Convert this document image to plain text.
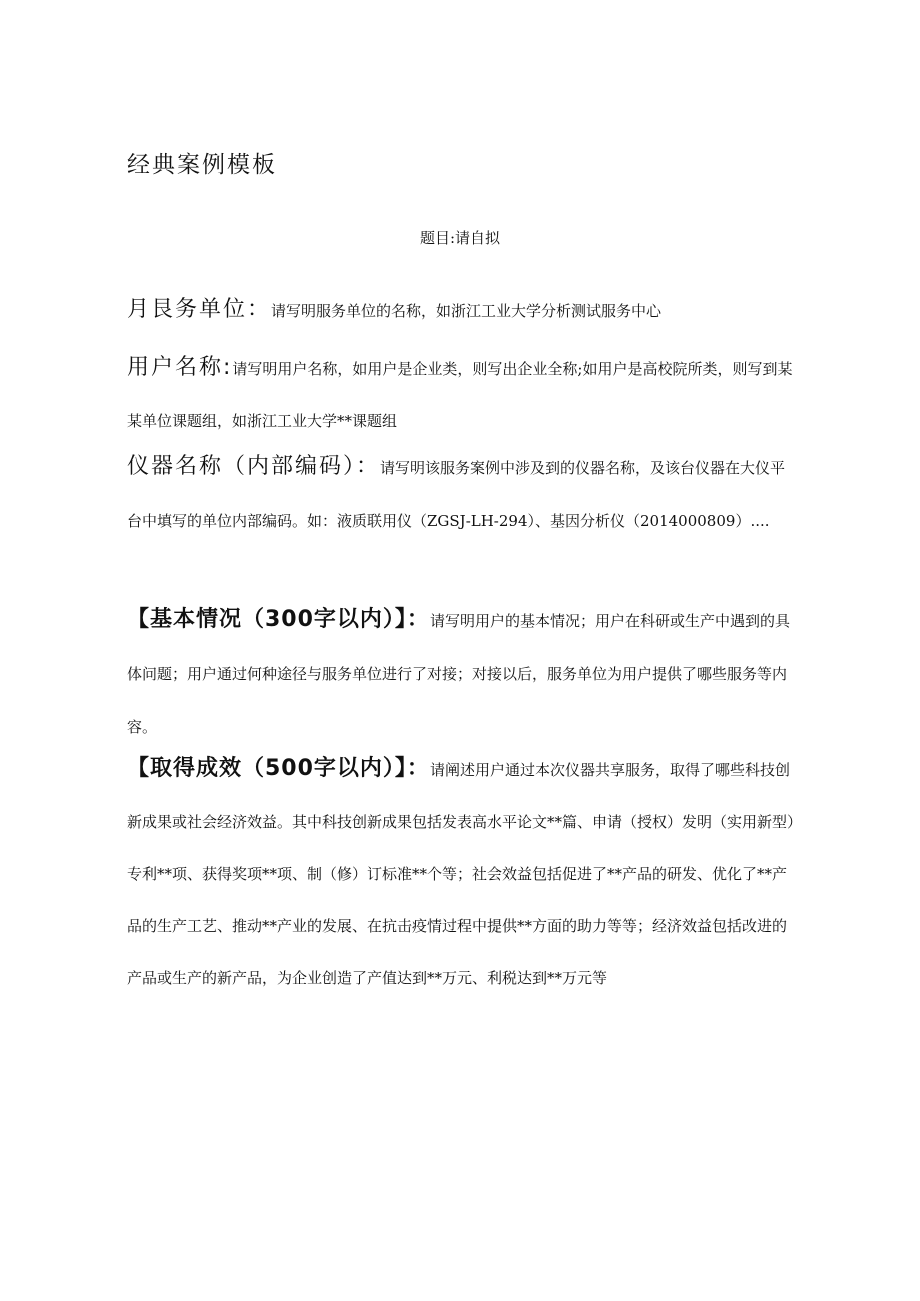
经典案例模板

题目:请自拟

月艮务单位：请写明服务单位的名称，如浙江工业大学分析测试服务中心

用户名称:请写明用户名称，如用户是企业类，则写出企业全称;如用户是高校院所类，则写到某某单位课题组，如浙江工业大学**课题组

仪器名称（内部编码）：请写明该服务案例中涉及到的仪器名称，及该台仪器在大仪平台中填写的单位内部编码。如：液质联用仪（ZGSJ-LH-294）、基因分析仪（2014000809）....

【基本情况（300字以内）】：请写明用户的基本情况；用户在科研或生产中遇到的具体问题；用户通过何种途径与服务单位进行了对接；对接以后，服务单位为用户提供了哪些服务等内容。

【取得成效（500字以内）】：请阐述用户通过本次仪器共享服务，取得了哪些科技创新成果或社会经济效益。其中科技创新成果包括发表高水平论文**篇、申请（授权）发明（实用新型）专利**项、获得奖项**项、制（修）订标准**个等；社会效益包括促进了**产品的研发、优化了**产品的生产工艺、推动**产业的发展、在抗击疫情过程中提供**方面的助力等等；经济效益包括改进的产品或生产的新产品，为企业创造了产值达到**万元、利税达到**万元等
